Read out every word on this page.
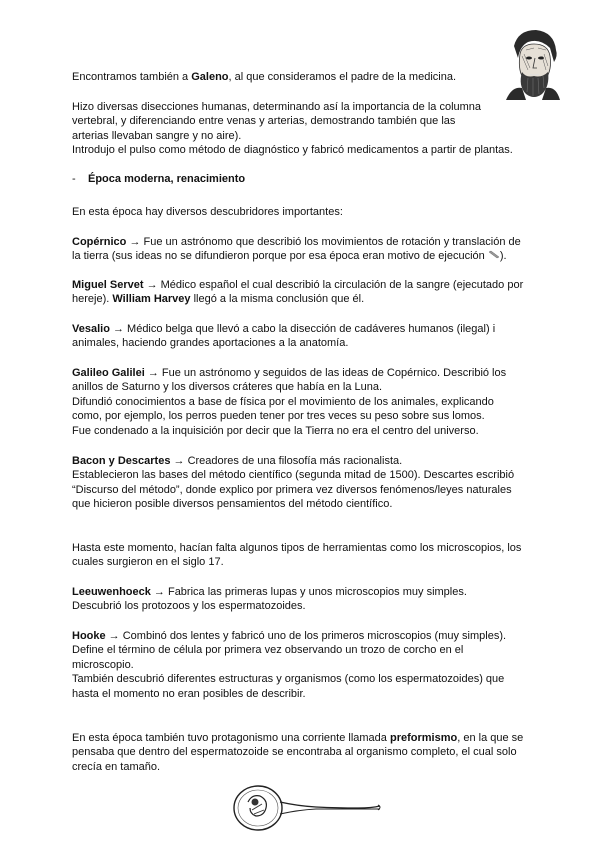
Encontramos también a Galeno, al que consideramos el padre de la medicina.

Hizo diversas disecciones humanas, determinando así la importancia de la columna

vertebral, y diferenciando entre venas y arterias, demostrando también que las

arterias llevaban sangre y no aire).

Introdujo el pulso como método de diagnóstico y fabricó medicamentos a partir de plantas.

- Época moderna, renacimiento

En esta época hay diversos descubridores importantes:

Copérnico → Fue un astrónomo que describió los movimientos de rotación y translación de

la tierra (sus ideas no se difundieron porque por esa época eran motivo de ejecución ).

Miguel Servet → Médico español el cual describió la circulación de la sangre (ejecutado por

hereje). William Harvey llegó a la misma conclusión que él.

Vesalio → Médico belga que llevó a cabo la disección de cadáveres humanos (ilegal) i

animales, haciendo grandes aportaciones a la anatomía.

Galileo Galilei → Fue un astrónomo y seguidos de las ideas de Copérnico. Describió los

anillos de Saturno y los diversos cráteres que había en la Luna.

Difundió conocimientos a base de física por el movimiento de los animales, explicando

como, por ejemplo, los perros pueden tener por tres veces su peso sobre sus lomos.

Fue condenado a la inquisición por decir que la Tierra no era el centro del universo.

Bacon y Descartes → Creadores de una filosofía más racionalista.

Establecieron las bases del método científico (segunda mitad de 1500). Descartes escribió

“Discurso del método”, donde explico por primera vez diversos fenómenos/leyes naturales

que hicieron posible diversos pensamientos del método científico.

Hasta este momento, hacían falta algunos tipos de herramientas como los microscopios, los

cuales surgieron en el siglo 17.

Leeuwenhoeck → Fabrica las primeras lupas y unos microscopios muy simples.

Descubrió los protozoos y los espermatozoides.

Hooke → Combinó dos lentes y fabricó uno de los primeros microscopios (muy simples).

Define el término de célula por primera vez observando un trozo de corcho en el

microscopio.

También descubrió diferentes estructuras y organismos (como los espermatozoides) que

hasta el momento no eran posibles de describir.

En esta época también tuvo protagonismo una corriente llamada preformismo, en la que se

pensaba que dentro del espermatozoide se encontraba al organismo completo, el cual solo

crecía en tamaño.
